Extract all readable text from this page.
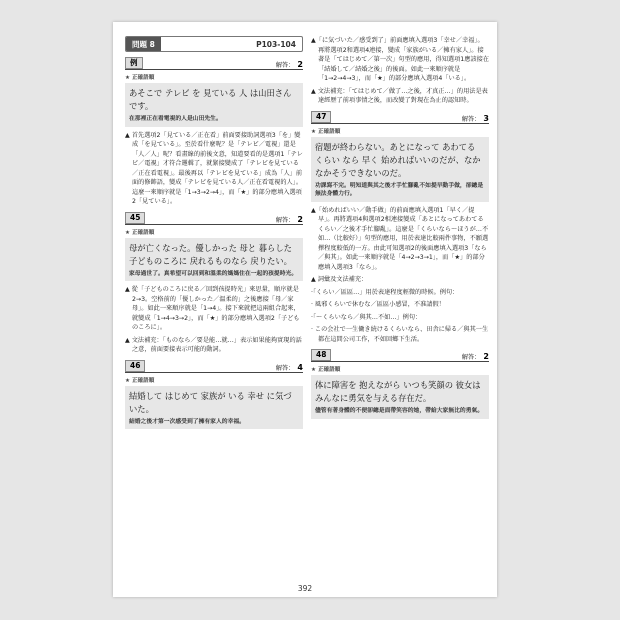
問題 8	P103-104
例	解答： 2
★ 正確語順
あそこで テレビ を 見ている 人 は山田さんです。
在那裡正在看電視的人是山田先生。
▲ 首先選項2「見ている／正在看」前面要接助詞選項3「を」變成「を見ている」。至於看什麼呢？是「テレビ／電視」還是「人／人」呢？看畫線的前後文意，知道要看的是選項1「テレビ／電視」才符合邏輯了，就緊接變成了「テレビを見ている／正在看電視」。最後再以「テレビを見ている」成為「人」前面的修飾語，變成「テレビを見ている人／正在看電視的人」。這麼一來順序就是「1→3→2→4」，而「★」的部分應填入選項2「見ている」。
45	解答： 2
★ 正確語順
母が亡くなった。優しかった 母と 暮らした 子どものころに 戻れるものなら 戻りたい。
家母過世了。真希望可以回到和溫柔的媽媽住在一起的孩提時光。
▲ 從「子どものころに戻る／回到孩提時光」來思量，順序就是2→3。空格前的「優しかった／溫柔的」之後應接「母／家母」。如此一來順序就是「1→4」。接下來就把這兩組合起來，就變成「1→4→3→2」，而「★」的部分應填入選項2「子どものころに」。
▲ 文法補充：「ものなら／要是能…就…」表示如果能夠實現的話之意，前面要接表示可能的動詞。
46	解答： 4
★ 正確語順
結婚して はじめて 家族が いる 幸せ に気づいた。
結婚之後才第一次感受到了擁有家人的幸福。
▲「に気づいた／感受到了」前面應填入選項3「幸せ／幸福」。再將選項2和選項4連接，變成「家族がいる／擁有家人」。接著是「てはじめて／第一次」句型的應用，得知選項1應該接在「結婚して／結婚之後」的後面。如此一來順序就是「1→2→4→3」，而「★」的部分應填入選項4「いる」。
▲ 文法補充：「てはじめて／做了…之後，才真正…」的用法是表達經歷了前項事情之後，而改變了對現在為止的認知時。
47	解答： 3
★ 正確語順
宿題が終わらない。あとになって あわてる くらい なら 早く 始めればいいのだが、なかなかそうできないのだ。
功課寫不完。明知道與其之後才手忙腳亂不如提早動手做，卻總是無法身體力行。
▲「始めればいい／動手做」的前面應填入選項1「早く／提早」。再將選項4與選項2相連接變成「あとになってあわてるくらい／之後才手忙腳亂」。這麼是「くらいなら～ほうが…不如…（比較好）」句型的應用，用於表達比較兩件事物，不願選擇程度較低的一方。由此可知選項2的後面應填入選項3「なら／與其」。如此一來順序就是「4→2→3→1」，而「★」的部分應填入選項3「なら」。
▲ 詞彙及文法補充：
‧「くらい／區區…」用於表達程度輕微的時候。例句：
‧ 風邪くらいで休むな／區區小感冒，不准請假！
‧「～くらいなら／與其…不如…」例句：
‧ この会社で一生働き続けるくらいなら、田舎に帰る／與其一生都在這間公司工作，不如回鄉下生活。
48	解答： 2
★ 正確語順
体に障害を 抱えながら いつも笑顔の 彼女は みんなに勇気を与える存在だ。
儘管有著身體的不便卻總是面帶笑容的她，帶給大家無比的勇氣。
392
